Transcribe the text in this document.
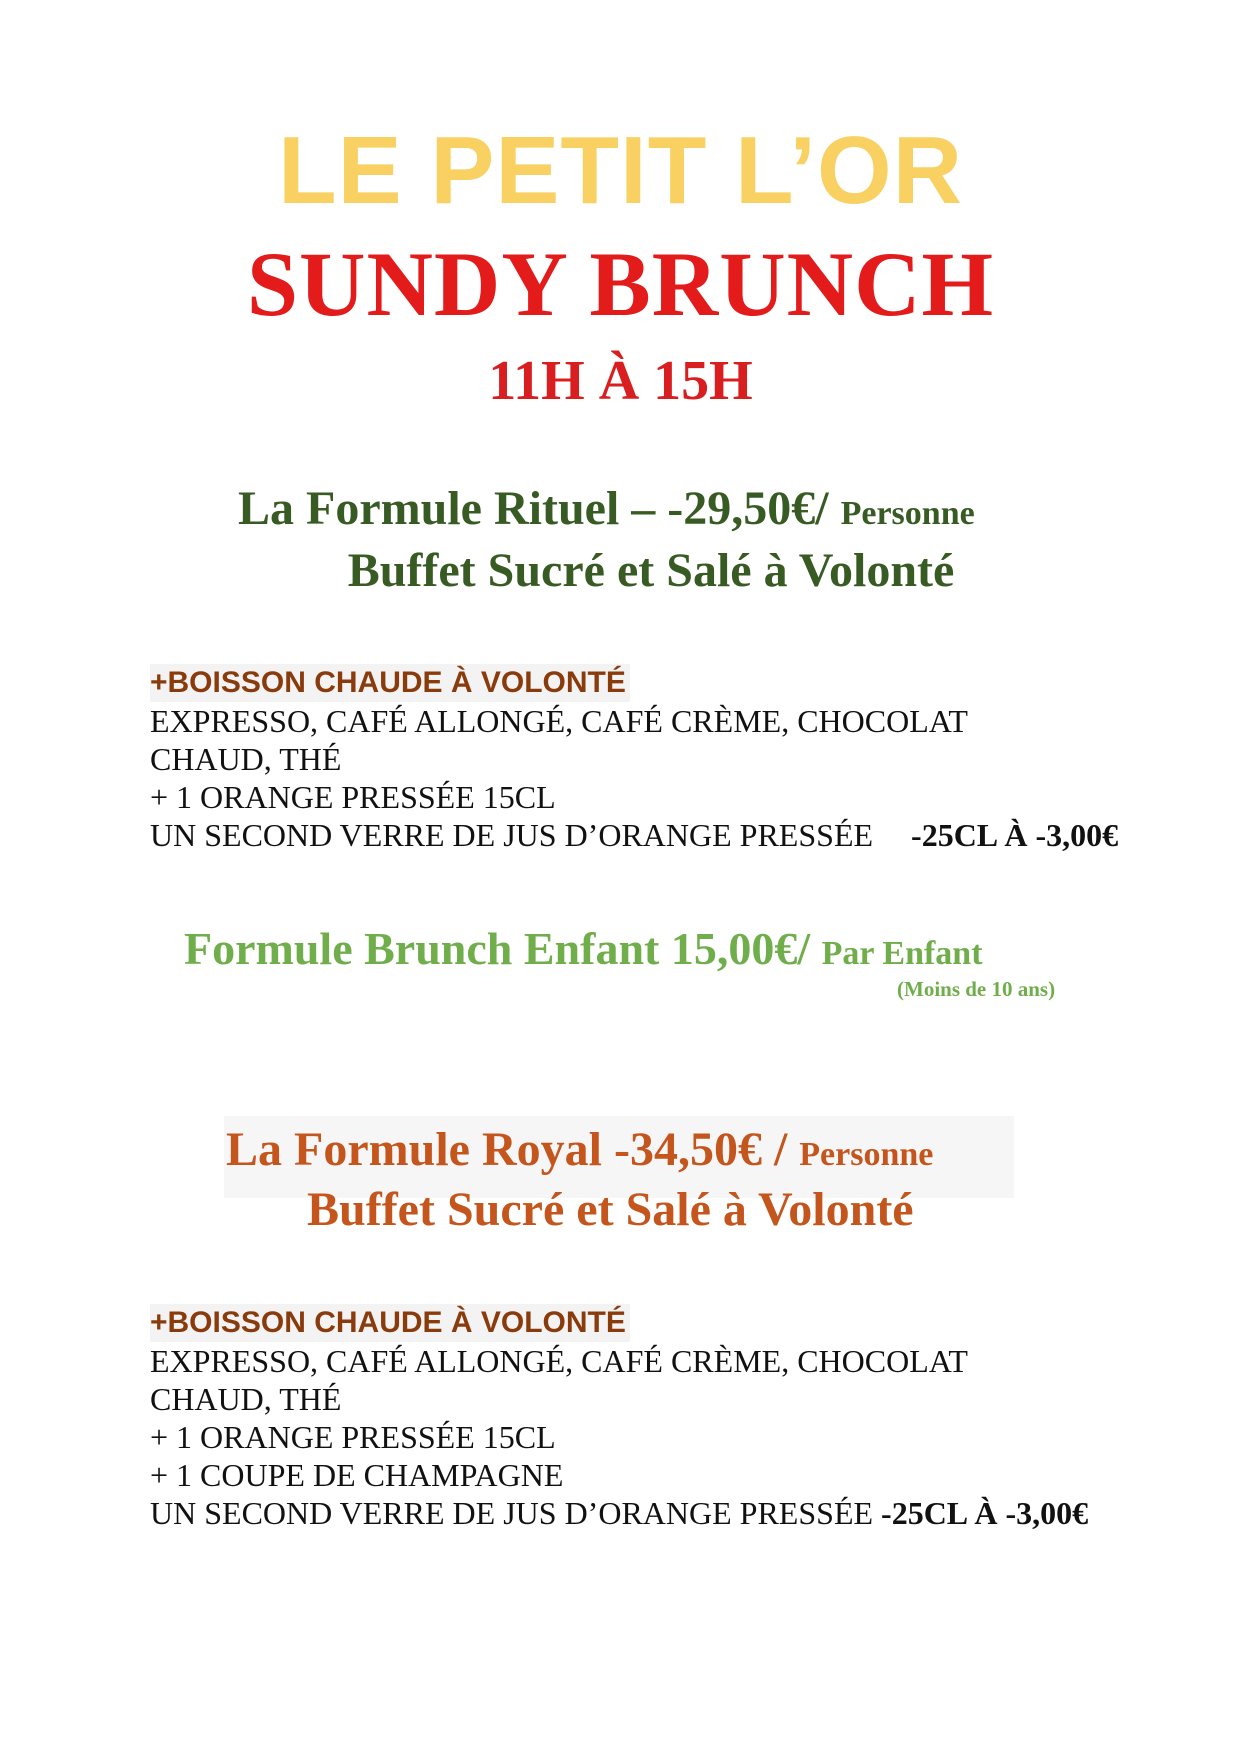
LE PETIT L’OR
SUNDY BRUNCH
11H À 15H
La Formule Rituel – -29,50€/ Personne
Buffet Sucré et Salé à Volonté
+BOISSON CHAUDE À VOLONTÉ
EXPRESSO, CAFÉ ALLONGÉ, CAFÉ CRÈME, CHOCOLAT
CHAUD, THÉ
+ 1 ORANGE PRESSÉE 15CL
UN SECOND VERRE DE JUS D’ORANGE PRESSÉE -25CL À -3,00€
Formule Brunch Enfant 15,00€/ Par Enfant
(Moins de 10 ans)
La Formule Royal -34,50€ / Personne
Buffet Sucré et Salé à Volonté
+BOISSON CHAUDE À VOLONTÉ
EXPRESSO, CAFÉ ALLONGÉ, CAFÉ CRÈME, CHOCOLAT
CHAUD, THÉ
+ 1 ORANGE PRESSÉE 15CL
+ 1 COUPE DE CHAMPAGNE
UN SECOND VERRE DE JUS D’ORANGE PRESSÉE -25CL À -3,00€
